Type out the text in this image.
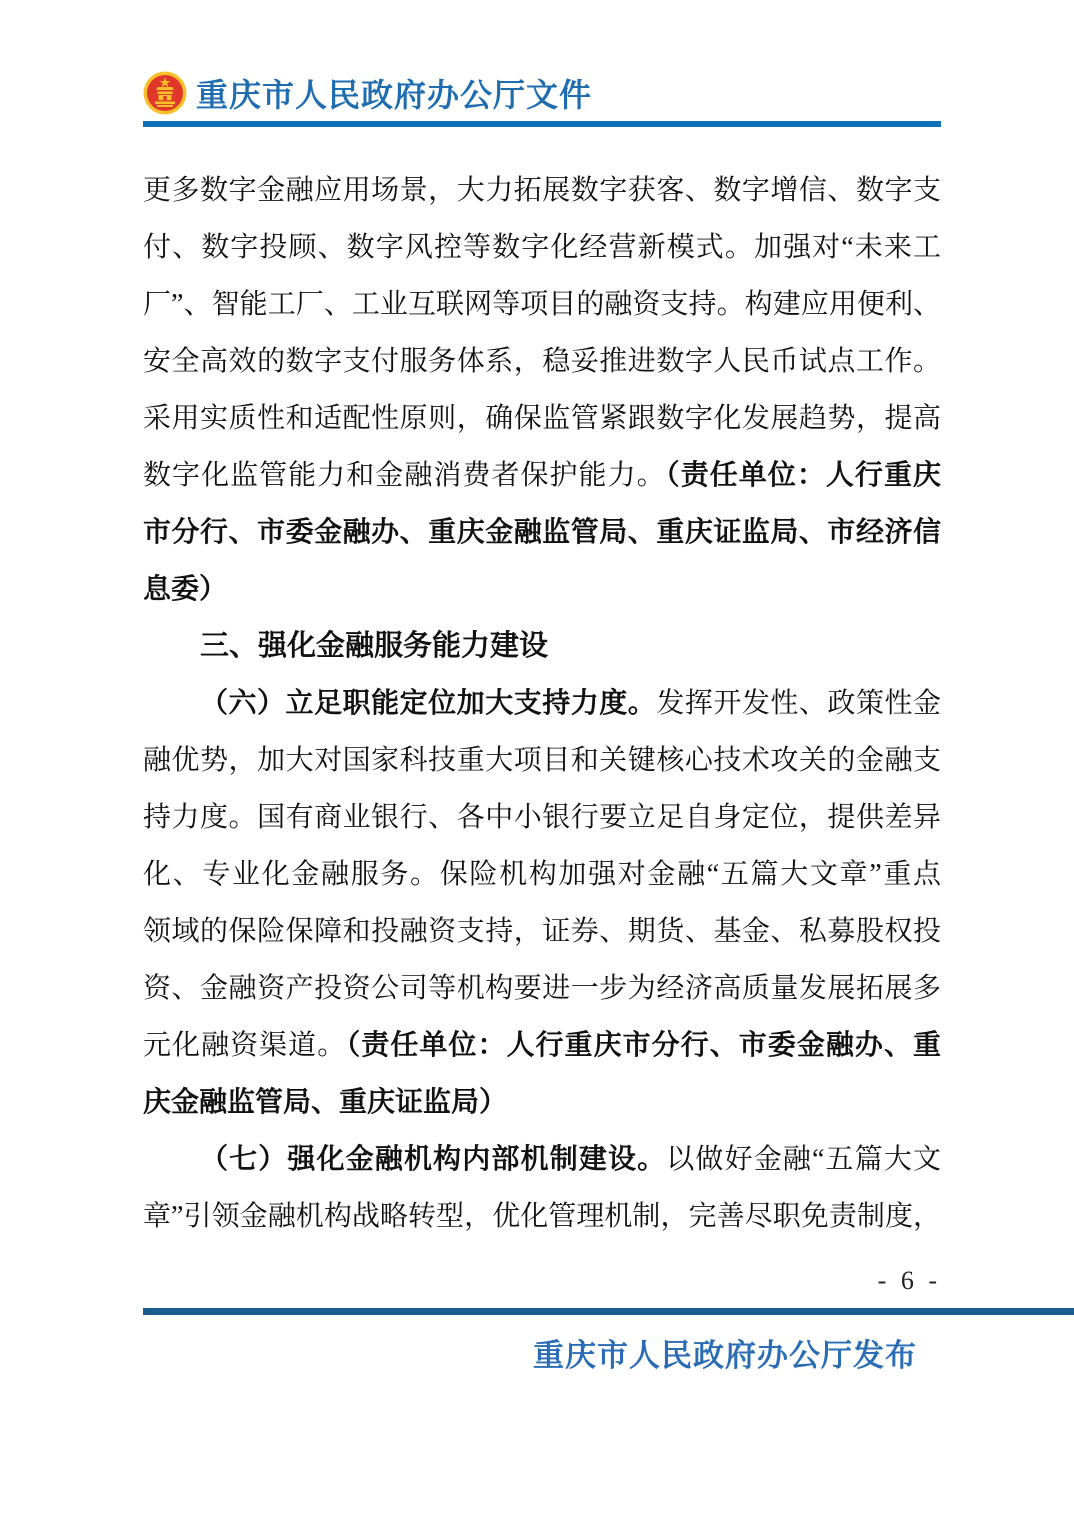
重庆市人民政府办公厅文件
更多数字金融应用场景，大力拓展数字获客、数字增信、数字支
付、数字投顾、数字风控等数字化经营新模式。加强对“未来工
厂”、智能工厂、工业互联网等项目的融资支持。构建应用便利、
安全高效的数字支付服务体系，稳妥推进数字人民币试点工作。
采用实质性和适配性原则，确保监管紧跟数字化发展趋势，提高
数字化监管能力和金融消费者保护能力。（责任单位：人行重庆
市分行、市委金融办、重庆金融监管局、重庆证监局、市经济信
息委）
三、强化金融服务能力建设
（六）立足职能定位加大支持力度。发挥开发性、政策性金
融优势，加大对国家科技重大项目和关键核心技术攻关的金融支
持力度。国有商业银行、各中小银行要立足自身定位，提供差异
化、专业化金融服务。保险机构加强对金融“五篇大文章”重点
领域的保险保障和投融资支持，证券、期货、基金、私募股权投
资、金融资产投资公司等机构要进一步为经济高质量发展拓展多
元化融资渠道。（责任单位：人行重庆市分行、市委金融办、重
庆金融监管局、重庆证监局）
（七）强化金融机构内部机制建设。以做好金融“五篇大文
章”引领金融机构战略转型，优化管理机制，完善尽职免责制度，
- 6 -
重庆市人民政府办公厅发布
